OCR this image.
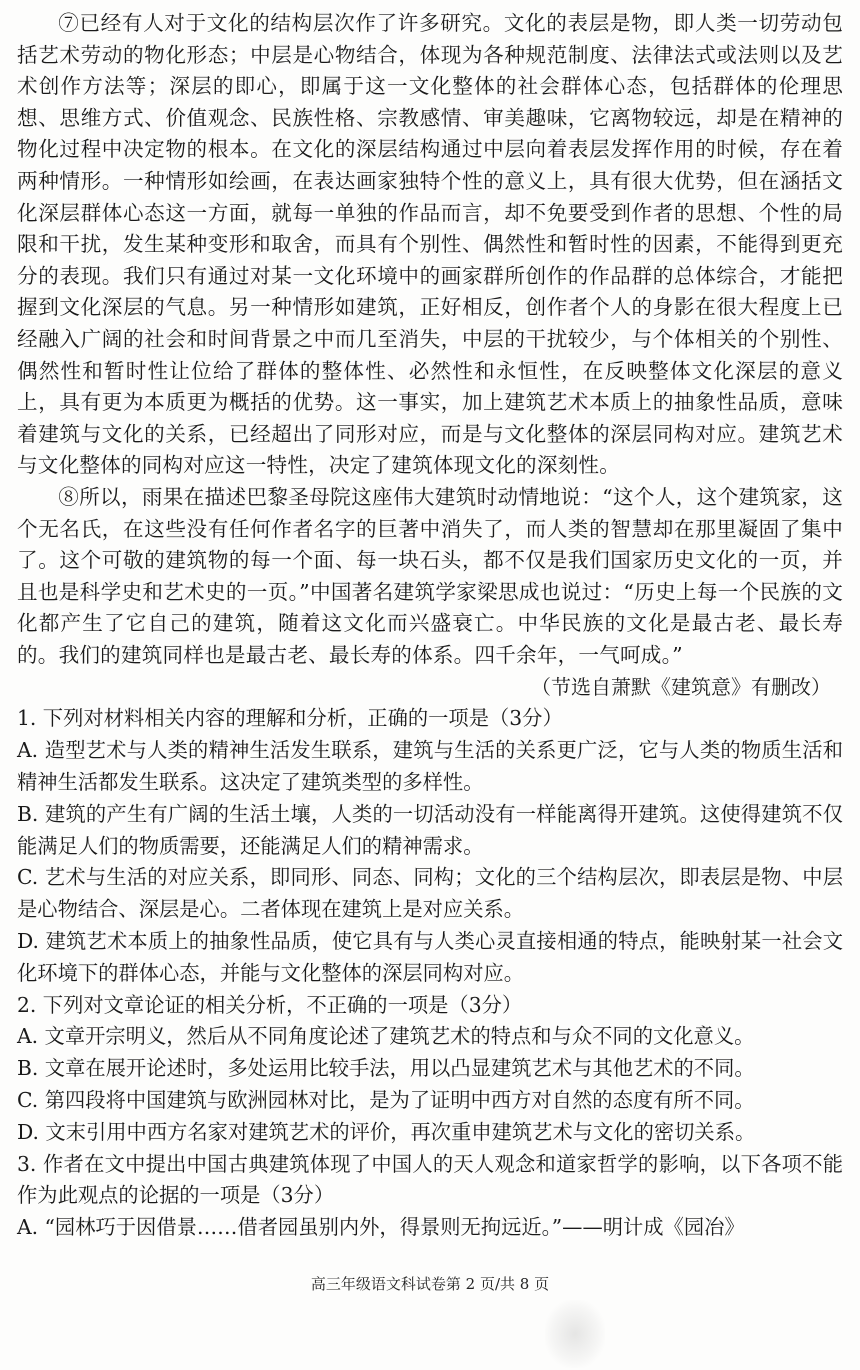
⑦已经有人对于文化的结构层次作了许多研究。文化的表层是物，即人类一切劳动包括艺术劳动的物化形态；中层是心物结合，体现为各种规范制度、法律法式或法则以及艺术创作方法等；深层的即心，即属于这一文化整体的社会群体心态，包括群体的伦理思想、思维方式、价值观念、民族性格、宗教感情、审美趣味，它离物较远，却是在精神的物化过程中决定物的根本。在文化的深层结构通过中层向着表层发挥作用的时候，存在着两种情形。一种情形如绘画，在表达画家独特个性的意义上，具有很大优势，但在涵括文化深层群体心态这一方面，就每一单独的作品而言，却不免要受到作者的思想、个性的局限和干扰，发生某种变形和取舍，而具有个别性、偶然性和暂时性的因素，不能得到更充分的表现。我们只有通过对某一文化环境中的画家群所创作的作品群的总体综合，才能把握到文化深层的气息。另一种情形如建筑，正好相反，创作者个人的身影在很大程度上已经融入广阔的社会和时间背景之中而几至消失，中层的干扰较少，与个体相关的个别性、偶然性和暂时性让位给了群体的整体性、必然性和永恒性，在反映整体文化深层的意义上，具有更为本质更为概括的优势。这一事实，加上建筑艺术本质上的抽象性品质，意味着建筑与文化的关系，已经超出了同形对应，而是与文化整体的深层同构对应。建筑艺术与文化整体的同构对应这一特性，决定了建筑体现文化的深刻性。

⑧所以，雨果在描述巴黎圣母院这座伟大建筑时动情地说：“这个人，这个建筑家，这个无名氏，在这些没有任何作者名字的巨著中消失了，而人类的智慧却在那里凝固了集中了。这个可敬的建筑物的每一个面、每一块石头，都不仅是我们国家历史文化的一页，并且也是科学史和艺术史的一页。”中国著名建筑学家梁思成也说过：“历史上每一个民族的文化都产生了它自己的建筑，随着这文化而兴盛衰亡。中华民族的文化是最古老、最长寿的。我们的建筑同样也是最古老、最长寿的体系。四千余年，一气呵成。”

（节选自萧默《建筑意》有删改）

1. 下列对材料相关内容的理解和分析，正确的一项是（3分）

A. 造型艺术与人类的精神生活发生联系，建筑与生活的关系更广泛，它与人类的物质生活和精神生活都发生联系。这决定了建筑类型的多样性。

B. 建筑的产生有广阔的生活土壤，人类的一切活动没有一样能离得开建筑。这使得建筑不仅能满足人们的物质需要，还能满足人们的精神需求。

C. 艺术与生活的对应关系，即同形、同态、同构；文化的三个结构层次，即表层是物、中层是心物结合、深层是心。二者体现在建筑上是对应关系。

D. 建筑艺术本质上的抽象性品质，使它具有与人类心灵直接相通的特点，能映射某一社会文化环境下的群体心态，并能与文化整体的深层同构对应。

2. 下列对文章论证的相关分析，不正确的一项是（3分）

A. 文章开宗明义，然后从不同角度论述了建筑艺术的特点和与众不同的文化意义。

B. 文章在展开论述时，多处运用比较手法，用以凸显建筑艺术与其他艺术的不同。

C. 第四段将中国建筑与欧洲园林对比，是为了证明中西方对自然的态度有所不同。

D. 文末引用中西方名家对建筑艺术的评价，再次重申建筑艺术与文化的密切关系。

3. 作者在文中提出中国古典建筑体现了中国人的天人观念和道家哲学的影响，以下各项不能作为此观点的论据的一项是（3分）

A. “园林巧于因借景……借者园虽别内外，得景则无拘远近。”——明计成《园冶》

高三年级语文科试卷第 2 页/共 8 页
